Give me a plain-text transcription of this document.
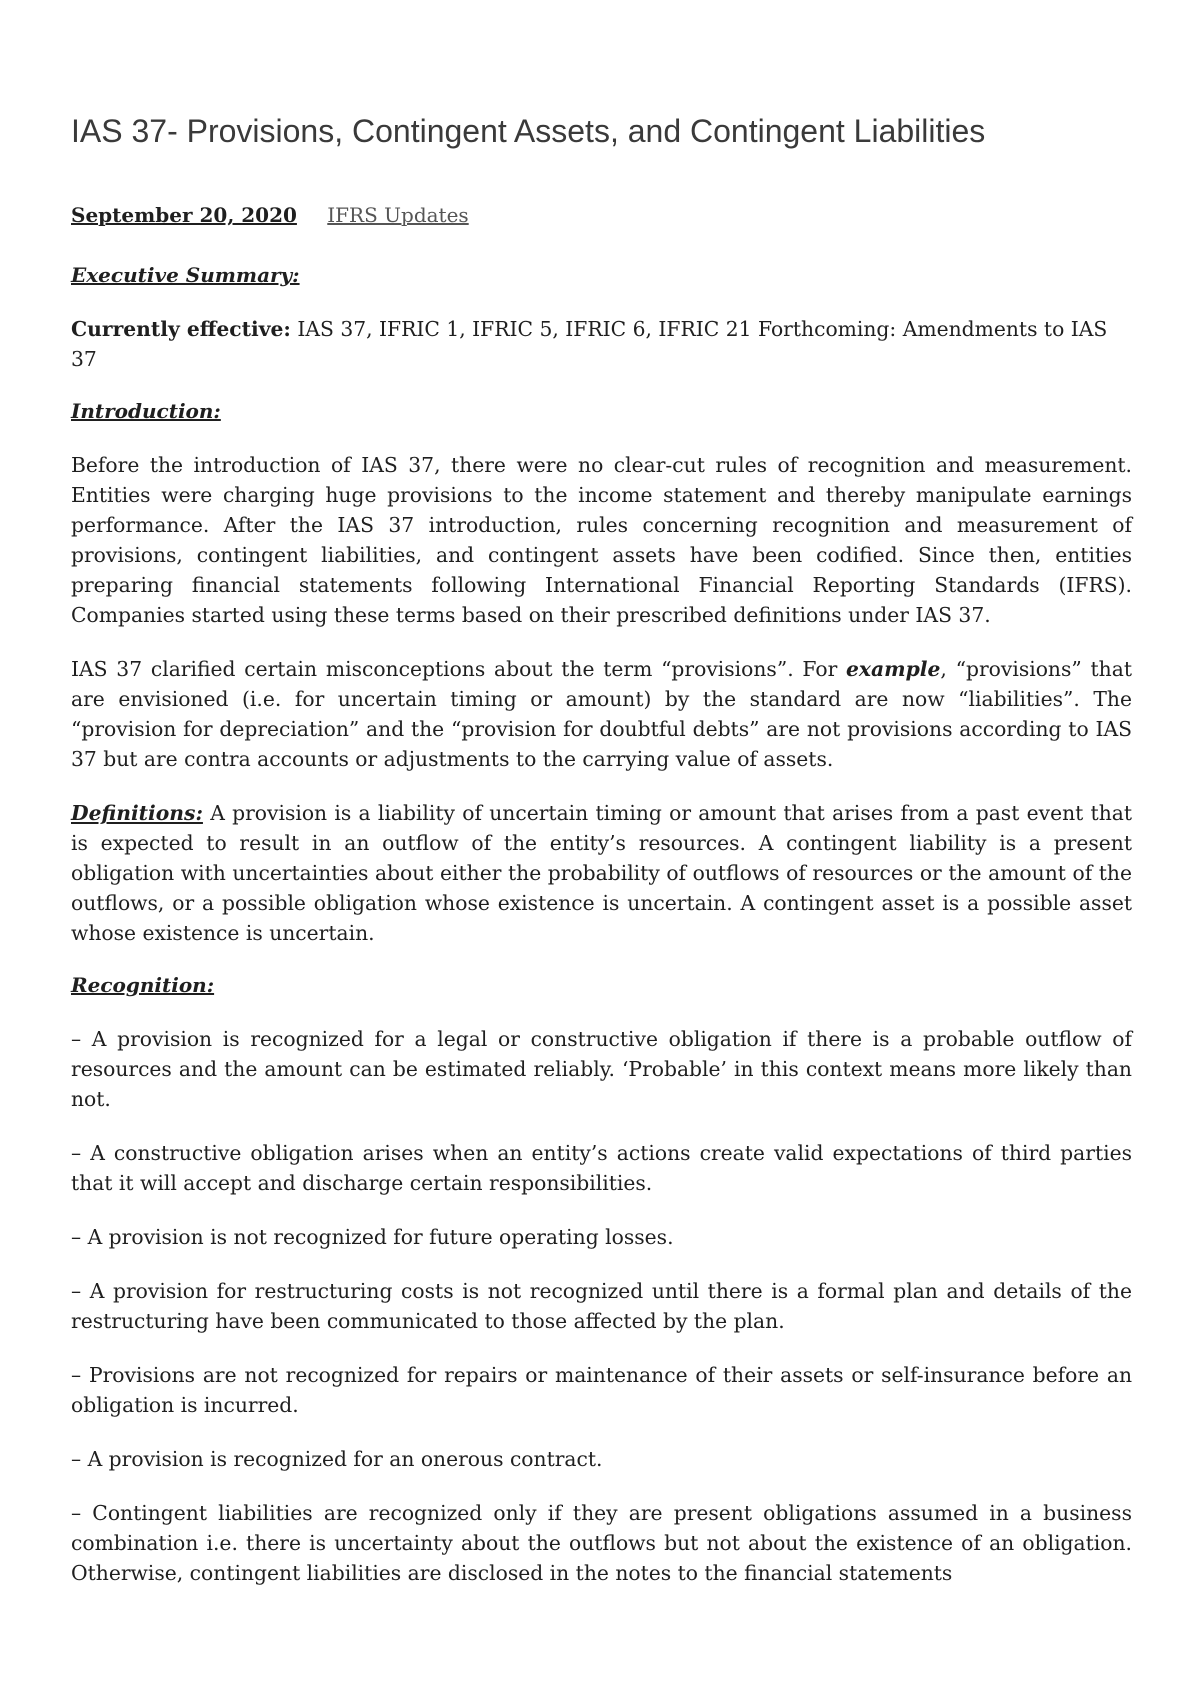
IAS 37- Provisions, Contingent Assets, and Contingent Liabilities
September 20, 2020 IFRS Updates
Executive Summary:

Currently effective: IAS 37, IFRIC 1, IFRIC 5, IFRIC 6, IFRIC 21 Forthcoming: Amendments to IAS 37

Introduction:

Before the introduction of IAS 37, there were no clear-cut rules of recognition and measurement. Entities were charging huge provisions to the income statement and thereby manipulate earnings performance. After the IAS 37 introduction, rules concerning recognition and measurement of provisions, contingent liabilities, and contingent assets have been codified. Since then, entities preparing financial statements following International Financial Reporting Standards (IFRS). Companies started using these terms based on their prescribed definitions under IAS 37.

IAS 37 clarified certain misconceptions about the term “provisions”. For example, “provisions” that are envisioned (i.e. for uncertain timing or amount) by the standard are now “liabilities”. The “provision for depreciation” and the “provision for doubtful debts” are not provisions according to IAS 37 but are contra accounts or adjustments to the carrying value of assets.

Definitions: A provision is a liability of uncertain timing or amount that arises from a past event that is expected to result in an outflow of the entity’s resources. A contingent liability is a present obligation with uncertainties about either the probability of outflows of resources or the amount of the outflows, or a possible obligation whose existence is uncertain. A contingent asset is a possible asset whose existence is uncertain.

Recognition:

– A provision is recognized for a legal or constructive obligation if there is a probable outflow of resources and the amount can be estimated reliably. ‘Probable’ in this context means more likely than not.

– A constructive obligation arises when an entity’s actions create valid expectations of third parties that it will accept and discharge certain responsibilities.

– A provision is not recognized for future operating losses.

– A provision for restructuring costs is not recognized until there is a formal plan and details of the restructuring have been communicated to those affected by the plan.

– Provisions are not recognized for repairs or maintenance of their assets or self-insurance before an obligation is incurred.

– A provision is recognized for an onerous contract.

– Contingent liabilities are recognized only if they are present obligations assumed in a business combination i.e. there is uncertainty about the outflows but not about the existence of an obligation. Otherwise, contingent liabilities are disclosed in the notes to the financial statements
